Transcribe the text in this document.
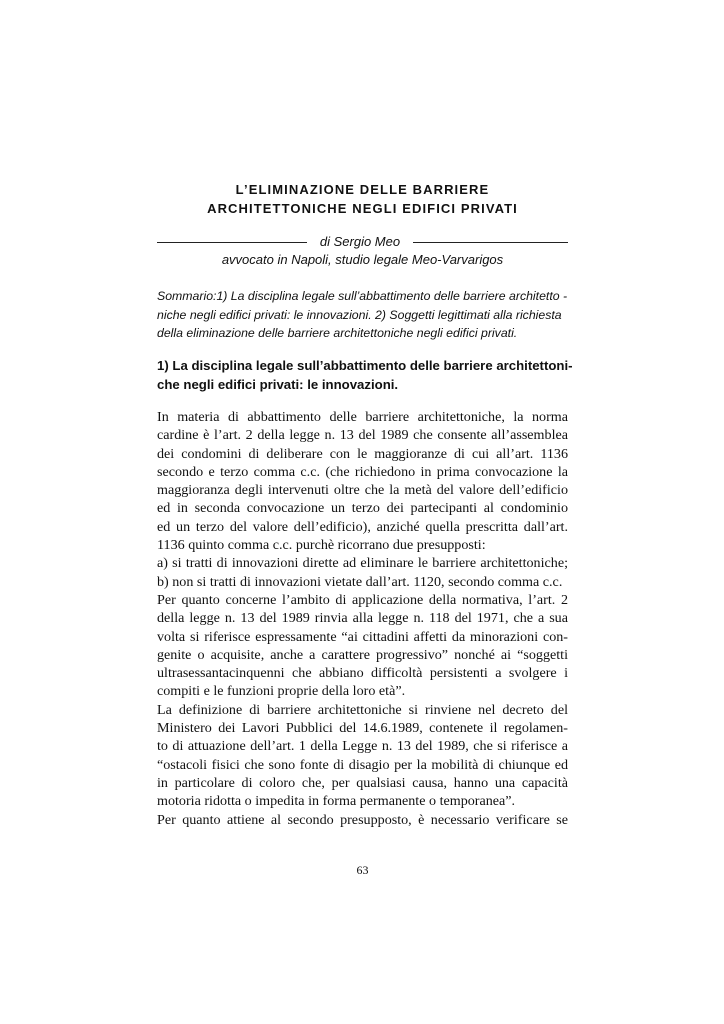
L’ELIMINAZIONE DELLE BARRIERE
ARCHITETTONICHE NEGLI EDIFICI PRIVATI
di Sergio Meo
avvocato in Napoli, studio legale Meo-Varvarigos
Sommario:1) La disciplina legale sull’abbattimento delle barriere architetto -
niche negli edifici privati: le innovazioni. 2) Soggetti legittimati alla richiesta
della eliminazione delle barriere architettoniche negli edifici privati.
1) La disciplina legale sull’abbattimento delle barriere architettoni-
che negli edifici privati: le innovazioni.
In materia di abbattimento delle barriere architettoniche, la norma
cardine è l’art. 2 della legge n. 13 del 1989 che consente all’assemblea
dei condomini di deliberare con le maggioranze di cui all’art. 1136
secondo e terzo comma c.c. (che richiedono in prima convocazione la
maggioranza degli intervenuti oltre che la metà del valore dell’edificio
ed in seconda convocazione un terzo dei partecipanti al condominio
ed un terzo del valore dell’edificio), anziché quella prescritta dall’art.
1136 quinto comma c.c. purchè ricorrano due presupposti:
a) si tratti di innovazioni dirette ad eliminare le barriere architettoniche;
b) non si tratti di innovazioni vietate dall’art. 1120, secondo comma c.c.
Per quanto concerne l’ambito di applicazione della normativa, l’art. 2
della legge n. 13 del 1989 rinvia alla legge n. 118 del 1971, che a sua
volta si riferisce espressamente “ai cittadini affetti da minorazioni con-
genite o acquisite, anche a carattere progressivo” nonché ai “soggetti
ultrasessantacinquenni che abbiano difficoltà persistenti a svolgere i
compiti e le funzioni proprie della loro età”.
La definizione di barriere architettoniche si rinviene nel decreto del
Ministero dei Lavori Pubblici del 14.6.1989, contenete il regolamen-
to di attuazione dell’art. 1 della Legge n. 13 del 1989, che si riferisce a
“ostacoli fisici che sono fonte di disagio per la mobilità di chiunque ed
in particolare di coloro che, per qualsiasi causa, hanno una capacità
motoria ridotta o impedita in forma permanente o temporanea”.
Per quanto attiene al secondo presupposto, è necessario verificare se
63
